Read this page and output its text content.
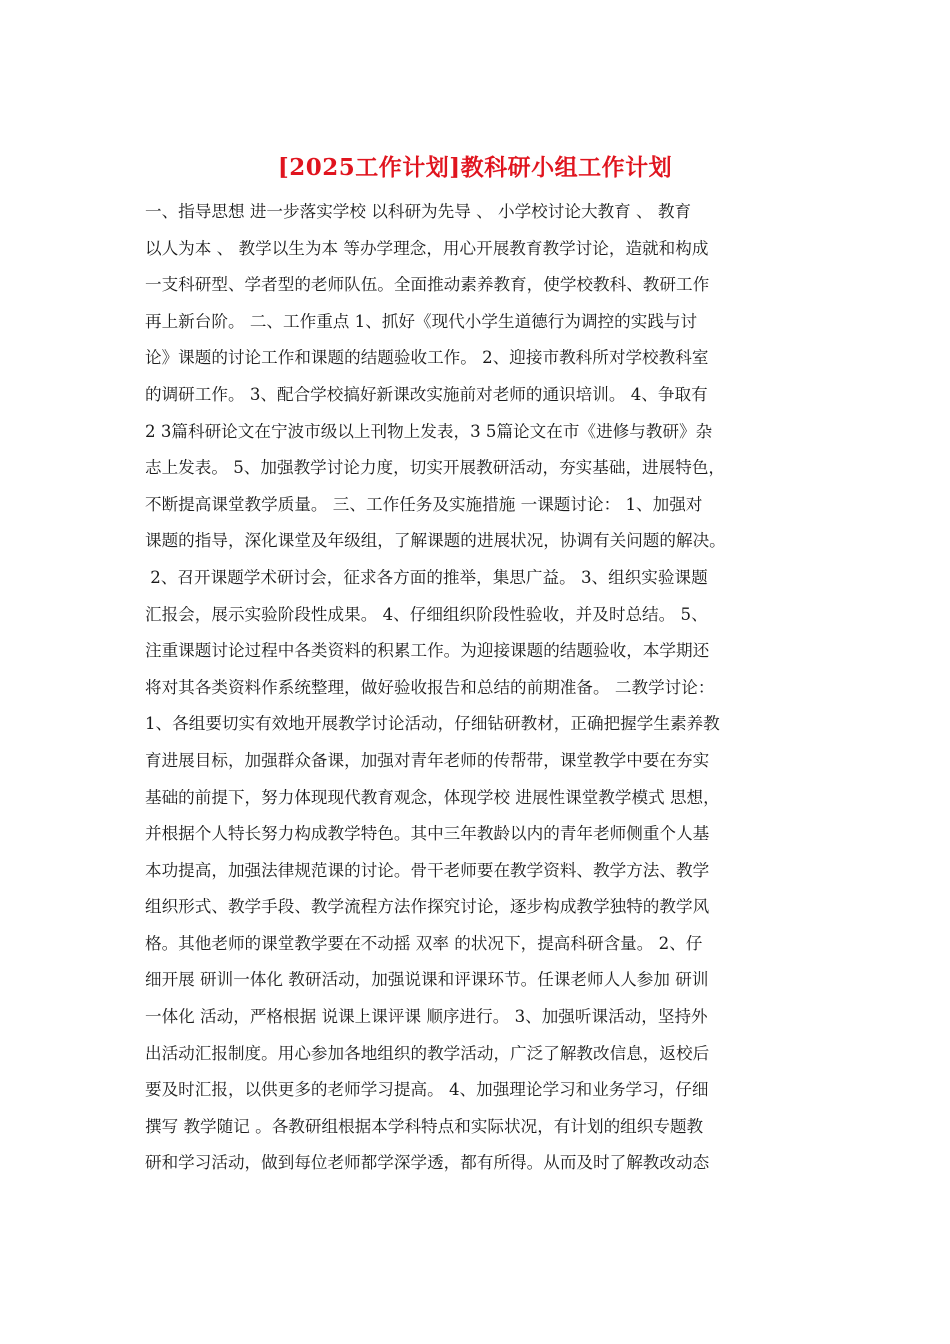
[2025工作计划]教科研小组工作计划
一、指导思想 进一步落实学校 以科研为先导 、 小学校讨论大教育 、 教育
以人为本 、 教学以生为本 等办学理念，用心开展教育教学讨论，造就和构成
一支科研型、学者型的老师队伍。全面推动素养教育，使学校教科、教研工作
再上新台阶。 二、工作重点 1、抓好《现代小学生道德行为调控的实践与讨
论》课题的讨论工作和课题的结题验收工作。 2、迎接市教科所对学校教科室
的调研工作。 3、配合学校搞好新课改实施前对老师的通识培训。 4、争取有
2 3篇科研论文在宁波市级以上刊物上发表，3 5篇论文在市《进修与教研》杂
志上发表。 5、加强教学讨论力度，切实开展教研活动，夯实基础，进展特色，
不断提高课堂教学质量。 三、工作任务及实施措施 一课题讨论： 1、加强对
课题的指导，深化课堂及年级组，了解课题的进展状况，协调有关问题的解决。
2、召开课题学术研讨会，征求各方面的推举，集思广益。 3、组织实验课题
汇报会，展示实验阶段性成果。 4、仔细组织阶段性验收，并及时总结。 5、
注重课题讨论过程中各类资料的积累工作。为迎接课题的结题验收，本学期还
将对其各类资料作系统整理，做好验收报告和总结的前期准备。 二教学讨论：
1、各组要切实有效地开展教学讨论活动，仔细钻研教材，正确把握学生素养教
育进展目标，加强群众备课，加强对青年老师的传帮带，课堂教学中要在夯实
基础的前提下，努力体现现代教育观念，体现学校 进展性课堂教学模式 思想，
并根据个人特长努力构成教学特色。其中三年教龄以内的青年老师侧重个人基
本功提高，加强法律规范课的讨论。骨干老师要在教学资料、教学方法、教学
组织形式、教学手段、教学流程方法作探究讨论，逐步构成教学独特的教学风
格。其他老师的课堂教学要在不动摇 双率 的状况下，提高科研含量。 2、仔
细开展 研训一体化 教研活动，加强说课和评课环节。任课老师人人参加 研训
一体化 活动，严格根据 说课上课评课 顺序进行。 3、加强听课活动，坚持外
出活动汇报制度。用心参加各地组织的教学活动，广泛了解教改信息，返校后
要及时汇报，以供更多的老师学习提高。 4、加强理论学习和业务学习，仔细
撰写 教学随记 。各教研组根据本学科特点和实际状况，有计划的组织专题教
研和学习活动，做到每位老师都学深学透，都有所得。从而及时了解教改动态
